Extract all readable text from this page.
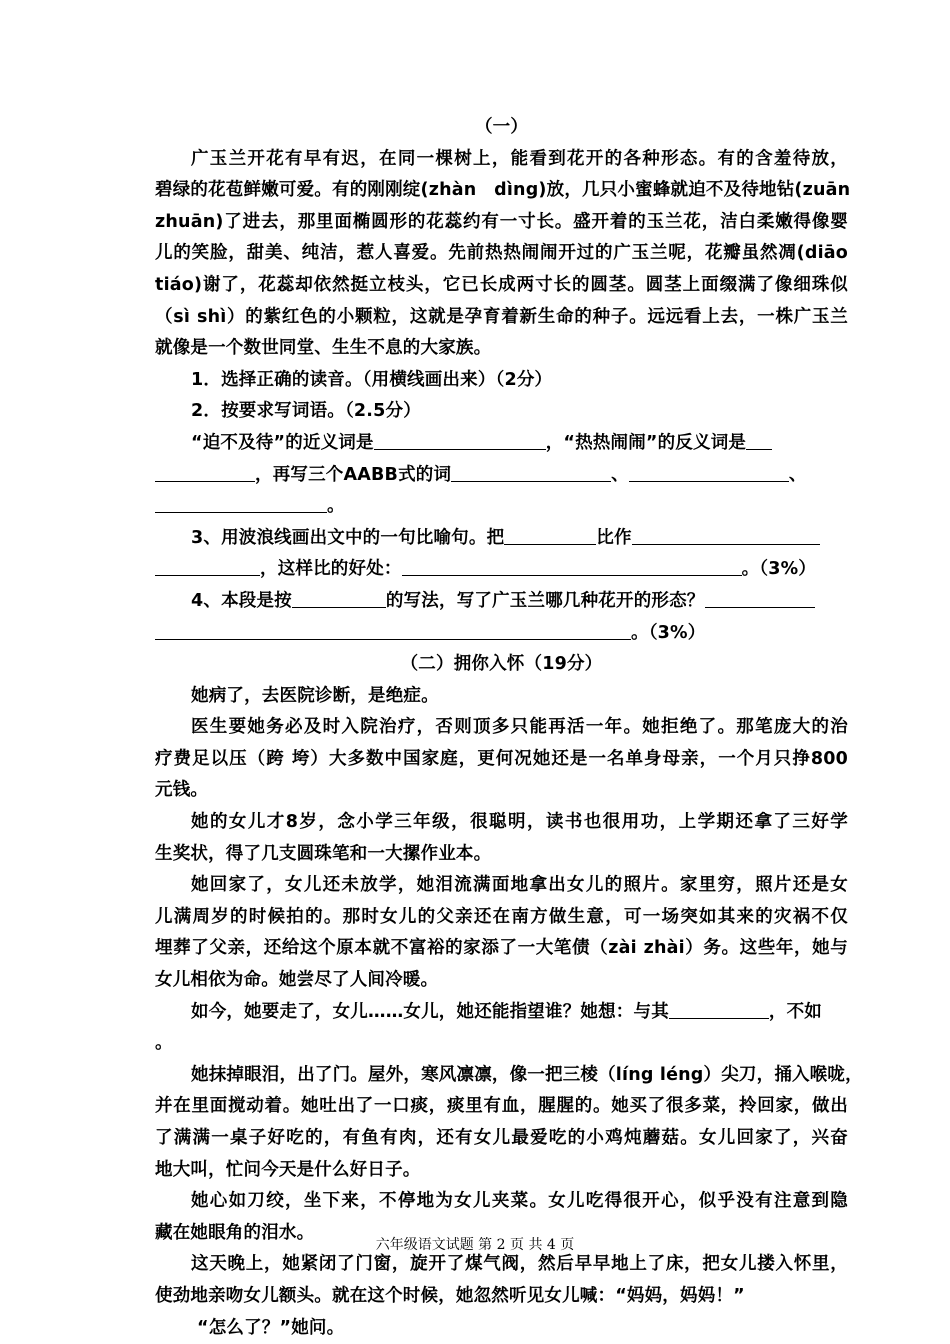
（一）
广玉兰开花有早有迟，在同一棵树上，能看到花开的各种形态。有的含羞待放，
碧绿的花苞鲜嫩可爱。有的刚刚绽(zhàn　dìng)放，几只小蜜蜂就迫不及待地钻(zuān
zhuān)了进去，那里面椭圆形的花蕊约有一寸长。盛开着的玉兰花，洁白柔嫩得像婴
儿的笑脸，甜美、纯洁，惹人喜爱。先前热热闹闹开过的广玉兰呢，花瓣虽然凋(diāo
tiáo)谢了，花蕊却依然挺立枝头，它已长成两寸长的圆茎。圆茎上面缀满了像细珠似
（sì shì）的紫红色的小颗粒，这就是孕育着新生命的种子。远远看上去，一株广玉兰
就像是一个数世同堂、生生不息的大家族。
1．选择正确的读音。（用横线画出来）（2分）
2．按要求写词语。（2.5分）
“迫不及待”的近义词是	，“热热闹闹”的反义词是
，再写三个AABB式的词	、	、
。
3、用波浪线画出文中的一句比喻句。把	比作
，这样比的好处：	。（3%）
4、本段是按	的写法，写了广玉兰哪几种花开的形态？
。（3%）
（二）拥你入怀（19分）
她病了，去医院诊断，是绝症。
医生要她务必及时入院治疗，否则顶多只能再活一年。她拒绝了。那笔庞大的治
疗费足以压（跨 垮）大多数中国家庭，更何况她还是一名单身母亲，一个月只挣800
元钱。
她的女儿才8岁，念小学三年级，很聪明，读书也很用功，上学期还拿了三好学
生奖状，得了几支圆珠笔和一大摞作业本。
她回家了，女儿还未放学，她泪流满面地拿出女儿的照片。家里穷，照片还是女
儿满周岁的时候拍的。那时女儿的父亲还在南方做生意，可一场突如其来的灾祸不仅
埋葬了父亲，还给这个原本就不富裕的家添了一大笔债（zài zhài）务。这些年，她与
女儿相依为命。她尝尽了人间冷暖。
如今，她要走了，女儿……女儿，她还能指望谁？她想：与其	，不如
。
她抹掉眼泪，出了门。屋外，寒风凛凛，像一把三棱（líng léng）尖刀，捅入喉咙，
并在里面搅动着。她吐出了一口痰，痰里有血，腥腥的。她买了很多菜，拎回家，做出
了满满一桌子好吃的，有鱼有肉，还有女儿最爱吃的小鸡炖蘑菇。女儿回家了，兴奋
地大叫，忙问今天是什么好日子。
她心如刀绞，坐下来，不停地为女儿夹菜。女儿吃得很开心，似乎没有注意到隐
藏在她眼角的泪水。
这天晚上，她紧闭了门窗，旋开了煤气阀，然后早早地上了床，把女儿搂入怀里，
使劲地亲吻女儿额头。就在这个时候，她忽然听见女儿喊：“妈妈，妈妈！”
“怎么了？”她问。
六年级语文试题 第 2 页 共 4 页
